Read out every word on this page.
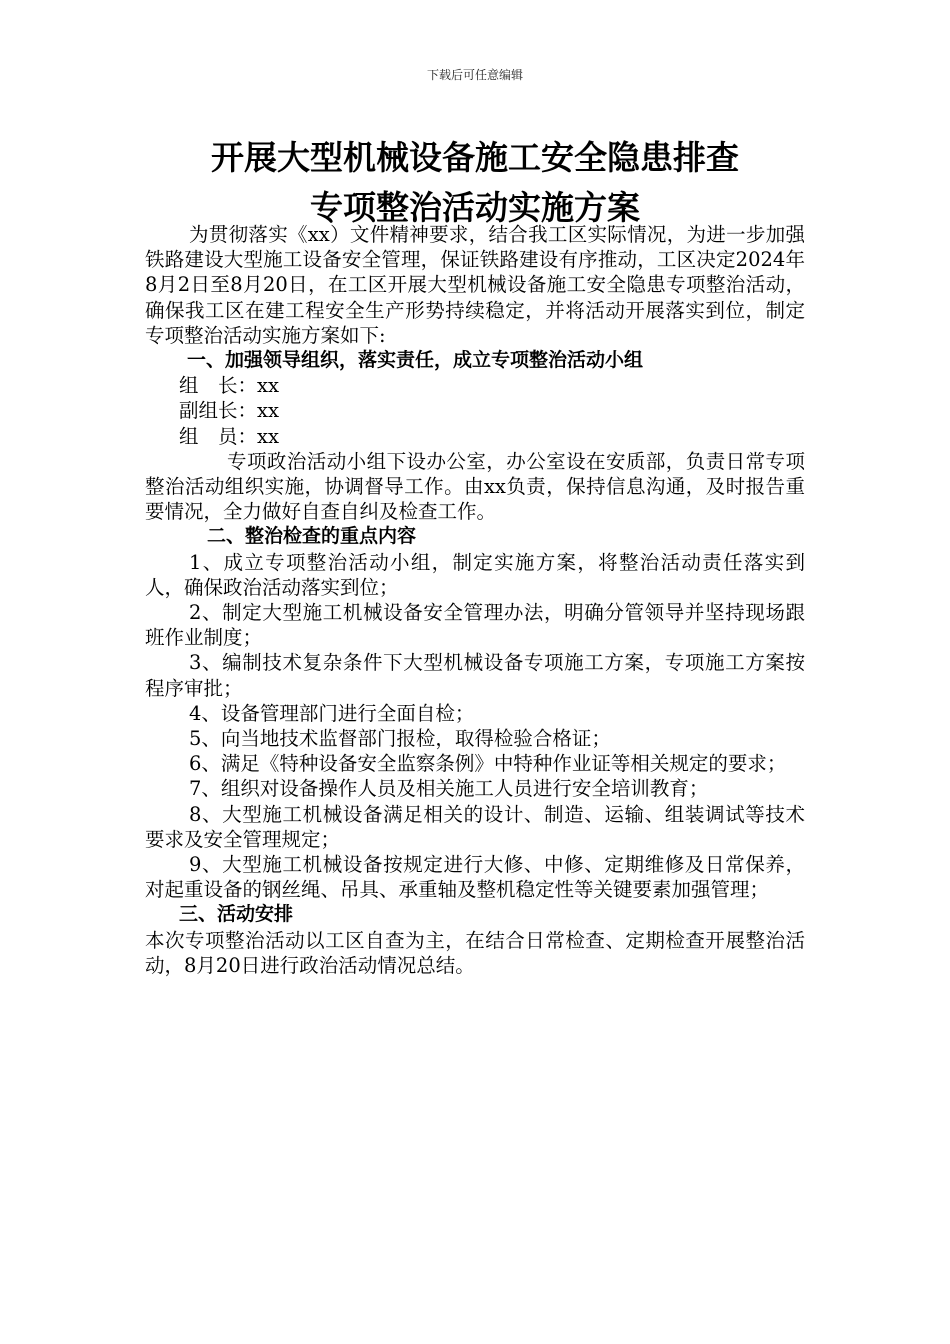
下载后可任意编辑
开展大型机械设备施工安全隐患排查
专项整治活动实施方案

为贯彻落实《xx）文件精神要求，结合我工区实际情况，为进一步加强铁路建设大型施工设备安全管理，保证铁路建设有序推动，工区决定2024年8月2日至8月20日，在工区开展大型机械设备施工安全隐患专项整治活动，确保我工区在建工程安全生产形势持续稳定，并将活动开展落实到位，制定专项整治活动实施方案如下:

一、加强领导组织，落实责任，成立专项整治活动小组

组　长：xx

副组长：xx

组　员：xx

专项政治活动小组下设办公室，办公室设在安质部，负责日常专项整治活动组织实施，协调督导工作。由xx负责，保持信息沟通，及时报告重要情况，全力做好自查自纠及检查工作。

二、整治检查的重点内容

1、成立专项整治活动小组，制定实施方案，将整治活动责任落实到人，确保政治活动落实到位；

2、制定大型施工机械设备安全管理办法，明确分管领导并坚持现场跟班作业制度；

3、编制技术复杂条件下大型机械设备专项施工方案，专项施工方案按程序审批；

4、设备管理部门进行全面自检；

5、向当地技术监督部门报检，取得检验合格证；

6、满足《特种设备安全监察条例》中特种作业证等相关规定的要求；

7、组织对设备操作人员及相关施工人员进行安全培训教育；

8、大型施工机械设备满足相关的设计、制造、运输、组装调试等技术要求及安全管理规定；

9、大型施工机械设备按规定进行大修、中修、定期维修及日常保养，对起重设备的钢丝绳、吊具、承重轴及整机稳定性等关键要素加强管理；

三、活动安排

本次专项整治活动以工区自查为主，在结合日常检查、定期检查开展整治活动，8月20日进行政治活动情况总结。
